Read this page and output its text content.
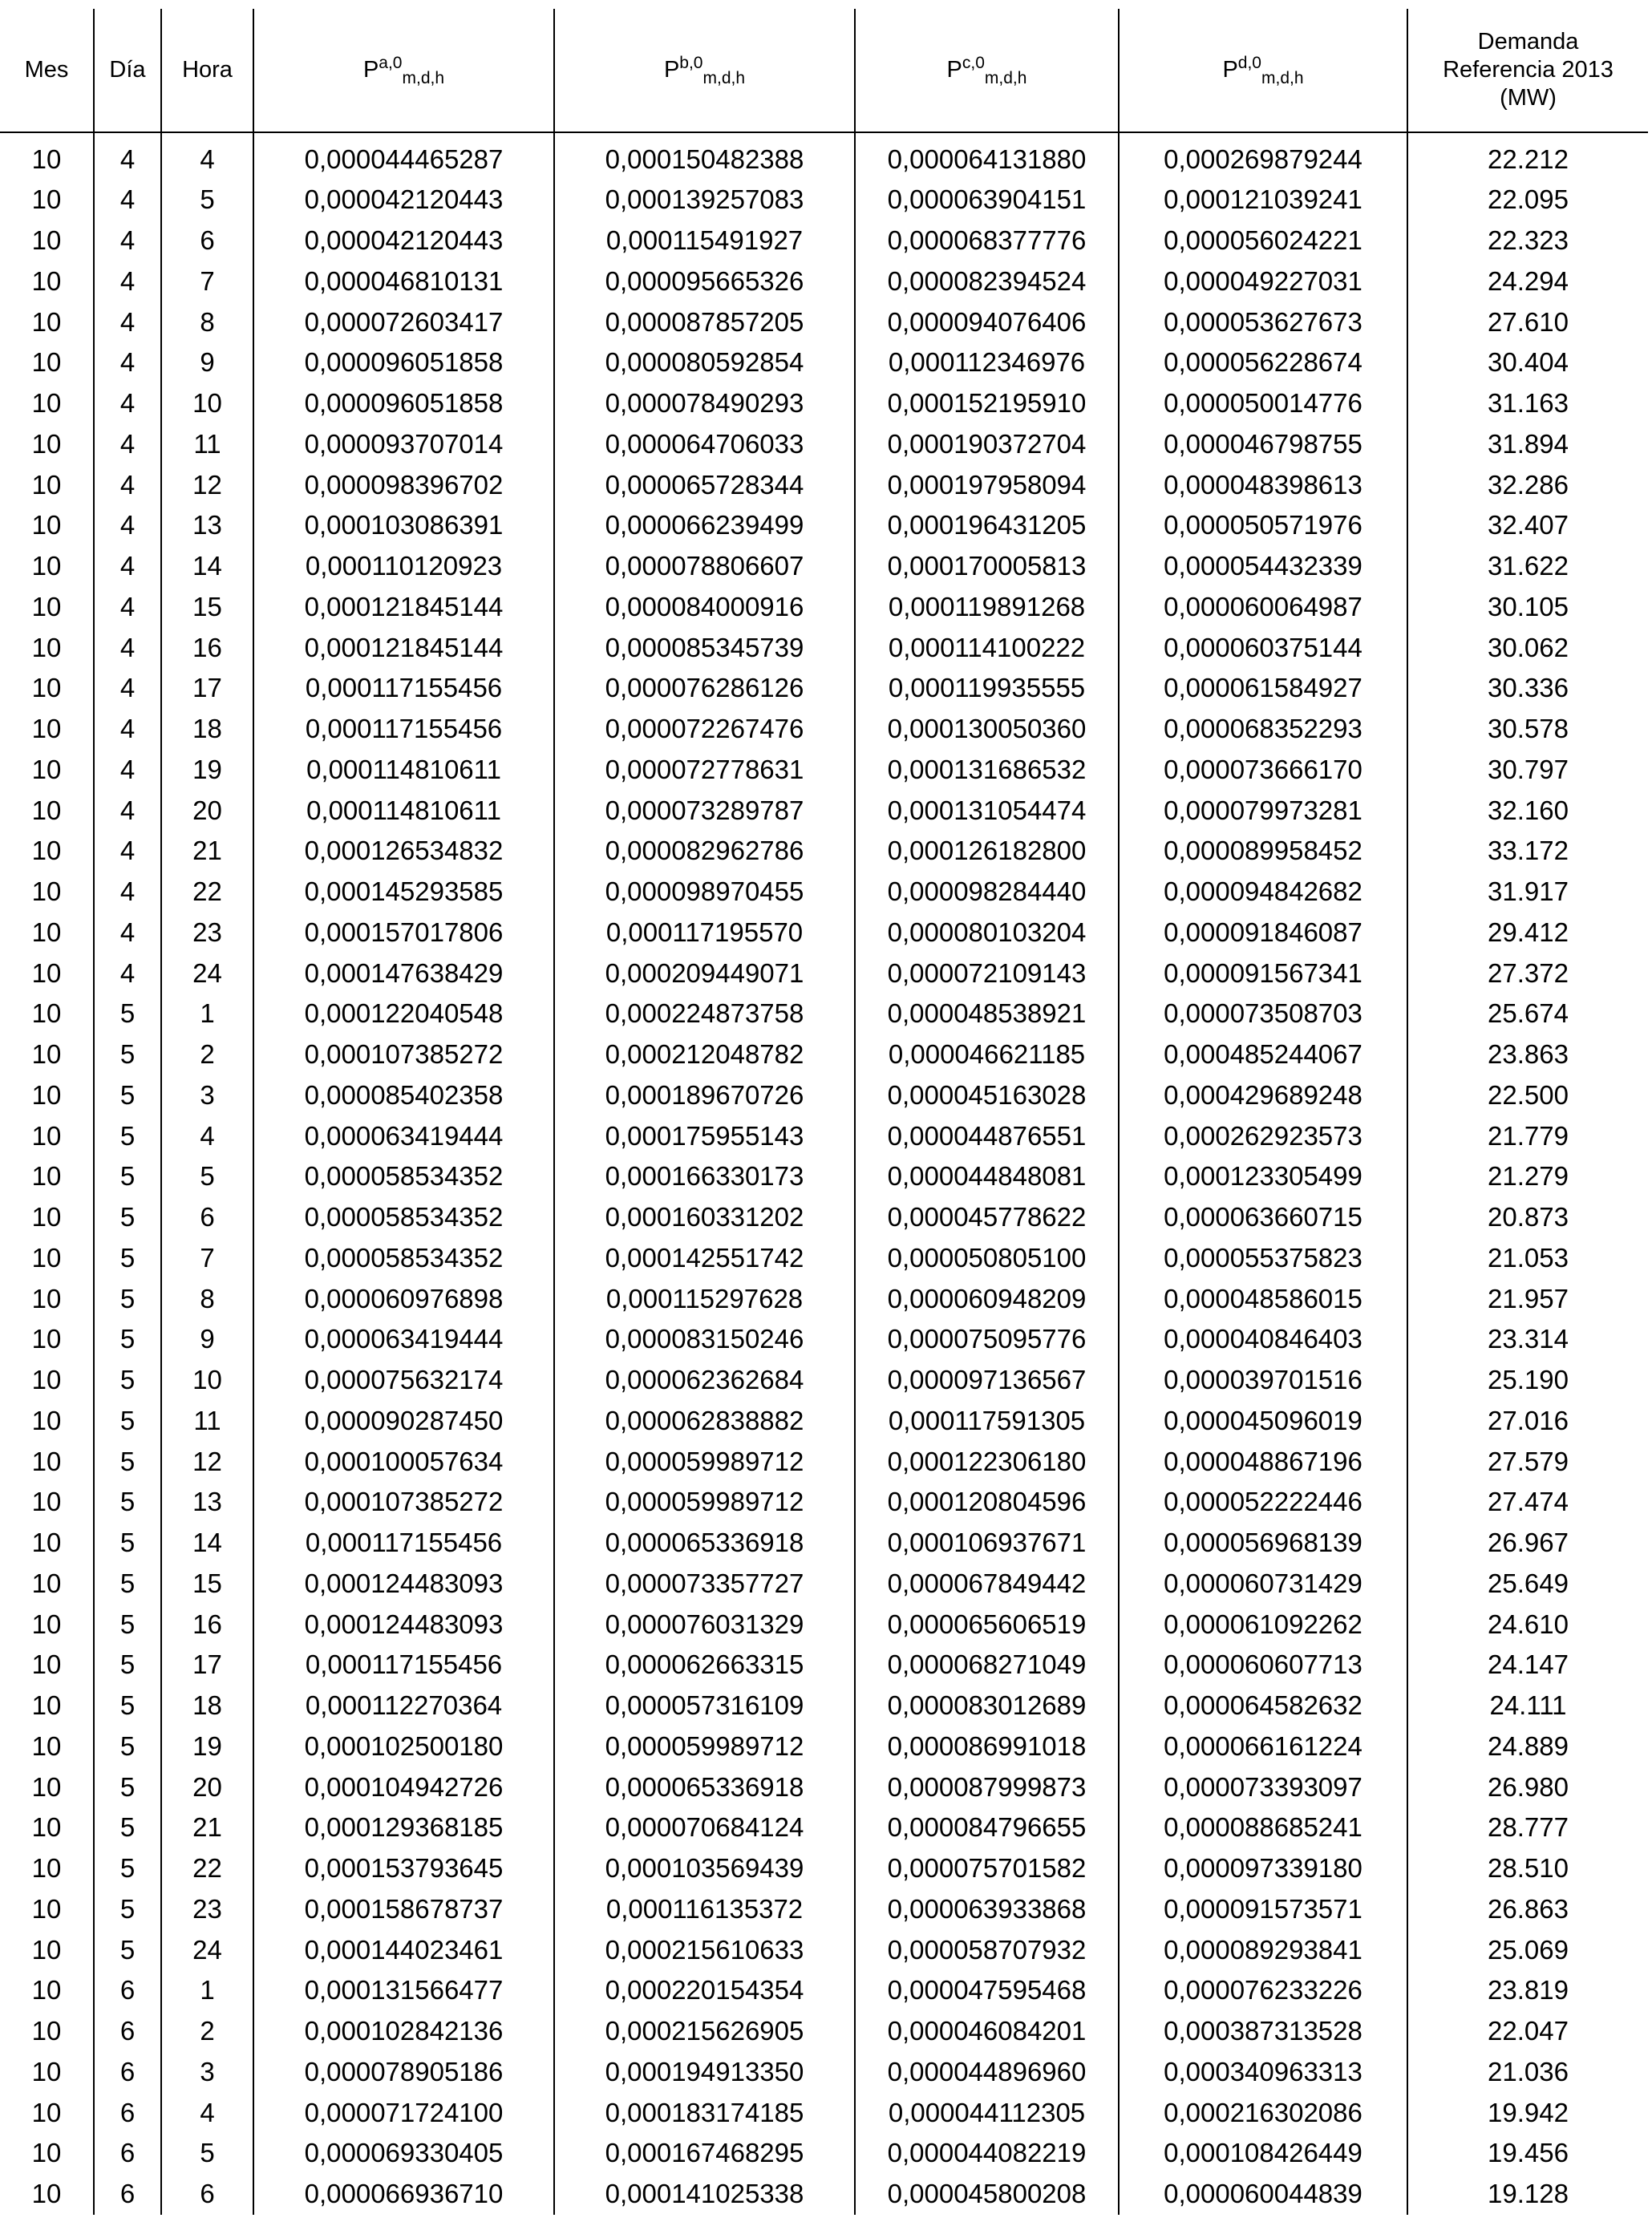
Mes	Día	Hora	P$^{a,0}_{m,d,h}$	P$^{b,0}_{m,d,h}$	P$^{c,0}_{m,d,h}$	P$^{d,0}_{m,d,h}$	Demanda
Referencia 2013
(MW)
10	4	4	0,000044465287	0,000150482388	0,000064131880	0,000269879244	22.212
10	4	5	0,000042120443	0,000139257083	0,000063904151	0,000121039241	22.095
10	4	6	0,000042120443	0,000115491927	0,000068377776	0,000056024221	22.323
10	4	7	0,000046810131	0,000095665326	0,000082394524	0,000049227031	24.294
10	4	8	0,000072603417	0,000087857205	0,000094076406	0,000053627673	27.610
10	4	9	0,000096051858	0,000080592854	0,000112346976	0,000056228674	30.404
10	4	10	0,000096051858	0,000078490293	0,000152195910	0,000050014776	31.163
10	4	11	0,000093707014	0,000064706033	0,000190372704	0,000046798755	31.894
10	4	12	0,000098396702	0,000065728344	0,000197958094	0,000048398613	32.286
10	4	13	0,000103086391	0,000066239499	0,000196431205	0,000050571976	32.407
10	4	14	0,000110120923	0,000078806607	0,000170005813	0,000054432339	31.622
10	4	15	0,000121845144	0,000084000916	0,000119891268	0,000060064987	30.105
10	4	16	0,000121845144	0,000085345739	0,000114100222	0,000060375144	30.062
10	4	17	0,000117155456	0,000076286126	0,000119935555	0,000061584927	30.336
10	4	18	0,000117155456	0,000072267476	0,000130050360	0,000068352293	30.578
10	4	19	0,000114810611	0,000072778631	0,000131686532	0,000073666170	30.797
10	4	20	0,000114810611	0,000073289787	0,000131054474	0,000079973281	32.160
10	4	21	0,000126534832	0,000082962786	0,000126182800	0,000089958452	33.172
10	4	22	0,000145293585	0,000098970455	0,000098284440	0,000094842682	31.917
10	4	23	0,000157017806	0,000117195570	0,000080103204	0,000091846087	29.412
10	4	24	0,000147638429	0,000209449071	0,000072109143	0,000091567341	27.372
10	5	1	0,000122040548	0,000224873758	0,000048538921	0,000073508703	25.674
10	5	2	0,000107385272	0,000212048782	0,000046621185	0,000485244067	23.863
10	5	3	0,000085402358	0,000189670726	0,000045163028	0,000429689248	22.500
10	5	4	0,000063419444	0,000175955143	0,000044876551	0,000262923573	21.779
10	5	5	0,000058534352	0,000166330173	0,000044848081	0,000123305499	21.279
10	5	6	0,000058534352	0,000160331202	0,000045778622	0,000063660715	20.873
10	5	7	0,000058534352	0,000142551742	0,000050805100	0,000055375823	21.053
10	5	8	0,000060976898	0,000115297628	0,000060948209	0,000048586015	21.957
10	5	9	0,000063419444	0,000083150246	0,000075095776	0,000040846403	23.314
10	5	10	0,000075632174	0,000062362684	0,000097136567	0,000039701516	25.190
10	5	11	0,000090287450	0,000062838882	0,000117591305	0,000045096019	27.016
10	5	12	0,000100057634	0,000059989712	0,000122306180	0,000048867196	27.579
10	5	13	0,000107385272	0,000059989712	0,000120804596	0,000052222446	27.474
10	5	14	0,000117155456	0,000065336918	0,000106937671	0,000056968139	26.967
10	5	15	0,000124483093	0,000073357727	0,000067849442	0,000060731429	25.649
10	5	16	0,000124483093	0,000076031329	0,000065606519	0,000061092262	24.610
10	5	17	0,000117155456	0,000062663315	0,000068271049	0,000060607713	24.147
10	5	18	0,000112270364	0,000057316109	0,000083012689	0,000064582632	24.111
10	5	19	0,000102500180	0,000059989712	0,000086991018	0,000066161224	24.889
10	5	20	0,000104942726	0,000065336918	0,000087999873	0,000073393097	26.980
10	5	21	0,000129368185	0,000070684124	0,000084796655	0,000088685241	28.777
10	5	22	0,000153793645	0,000103569439	0,000075701582	0,000097339180	28.510
10	5	23	0,000158678737	0,000116135372	0,000063933868	0,000091573571	26.863
10	5	24	0,000144023461	0,000215610633	0,000058707932	0,000089293841	25.069
10	6	1	0,000131566477	0,000220154354	0,000047595468	0,000076233226	23.819
10	6	2	0,000102842136	0,000215626905	0,000046084201	0,000387313528	22.047
10	6	3	0,000078905186	0,000194913350	0,000044896960	0,000340963313	21.036
10	6	4	0,000071724100	0,000183174185	0,000044112305	0,000216302086	19.942
10	6	5	0,000069330405	0,000167468295	0,000044082219	0,000108426449	19.456
10	6	6	0,000066936710	0,000141025338	0,000045800208	0,000060044839	19.128
